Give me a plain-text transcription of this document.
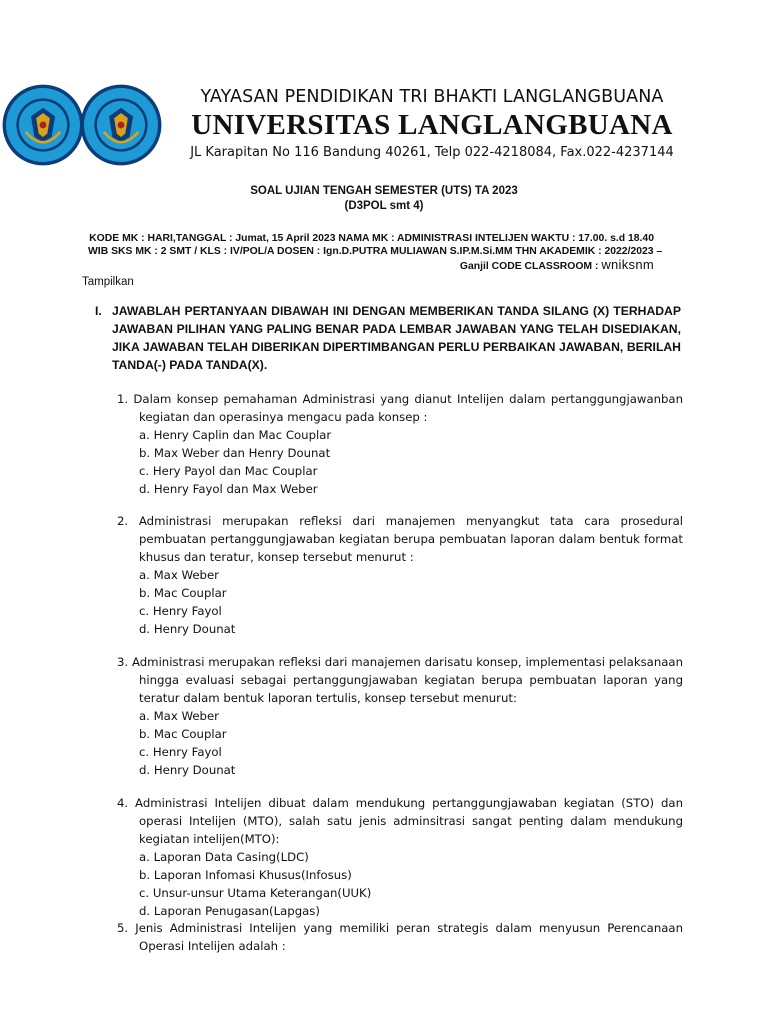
YAYASAN PENDIDIKAN TRI BHAKTI LANGLANGBUANA
UNIVERSITAS LANGLANGBUANA
JL Karapitan No 116 Bandung 40261, Telp 022-4218084, Fax.022-4237144
SOAL UJIAN TENGAH SEMESTER (UTS) TA 2023
(D3POL smt 4)
KODE MK : HARI,TANGGAL : Jumat, 15 April 2023 NAMA MK : ADMINISTRASI INTELIJEN WAKTU : 17.00. s.d 18.40
WIB SKS MK : 2 SMT / KLS : IV/POL/A DOSEN : Ign.D.PUTRA MULIAWAN S.IP.M.Si.MM THN AKADEMIK : 2022/2023 –
Ganjil CODE CLASSROOM : wniksnm
Tampilkan
I. JAWABLAH PERTANYAAN DIBAWAH INI DENGAN MEMBERIKAN TANDA SILANG (X) TERHADAP JAWABAN PILIHAN YANG PALING BENAR PADA LEMBAR JAWABAN YANG TELAH DISEDIAKAN, JIKA JAWABAN TELAH DIBERIKAN DIPERTIMBANGAN PERLU PERBAIKAN JAWABAN, BERILAH TANDA(-) PADA TANDA(X).
1. Dalam konsep pemahaman Administrasi yang dianut Intelijen dalam pertanggungjawanban kegiatan dan operasinya mengacu pada konsep :
a. Henry Caplin dan Mac Couplar
b. Max Weber dan Henry Dounat
c. Hery Payol dan Mac Couplar
d. Henry Fayol dan Max Weber
2. Administrasi merupakan refleksi dari manajemen menyangkut tata cara prosedural pembuatan pertanggungjawaban kegiatan berupa pembuatan laporan dalam bentuk format khusus dan teratur, konsep tersebut menurut :
a. Max Weber
b. Mac Couplar
c. Henry Fayol
d. Henry Dounat
3. Administrasi merupakan refleksi dari manajemen darisatu konsep, implementasi pelaksanaan hingga evaluasi sebagai pertanggungjawaban kegiatan berupa pembuatan laporan yang teratur dalam bentuk laporan tertulis, konsep tersebut menurut:
a. Max Weber
b. Mac Couplar
c. Henry Fayol
d. Henry Dounat
4. Administrasi Intelijen dibuat dalam mendukung pertanggungjawaban kegiatan (STO) dan operasi Intelijen (MTO), salah satu jenis adminsitrasi sangat penting dalam mendukung kegiatan intelijen(MTO):
a. Laporan Data Casing(LDC)
b. Laporan Infomasi Khusus(Infosus)
c. Unsur-unsur Utama Keterangan(UUK)
d. Laporan Penugasan(Lapgas)
5. Jenis Administrasi Intelijen yang memiliki peran strategis dalam menyusun Perencanaan Operasi Intelijen adalah :
